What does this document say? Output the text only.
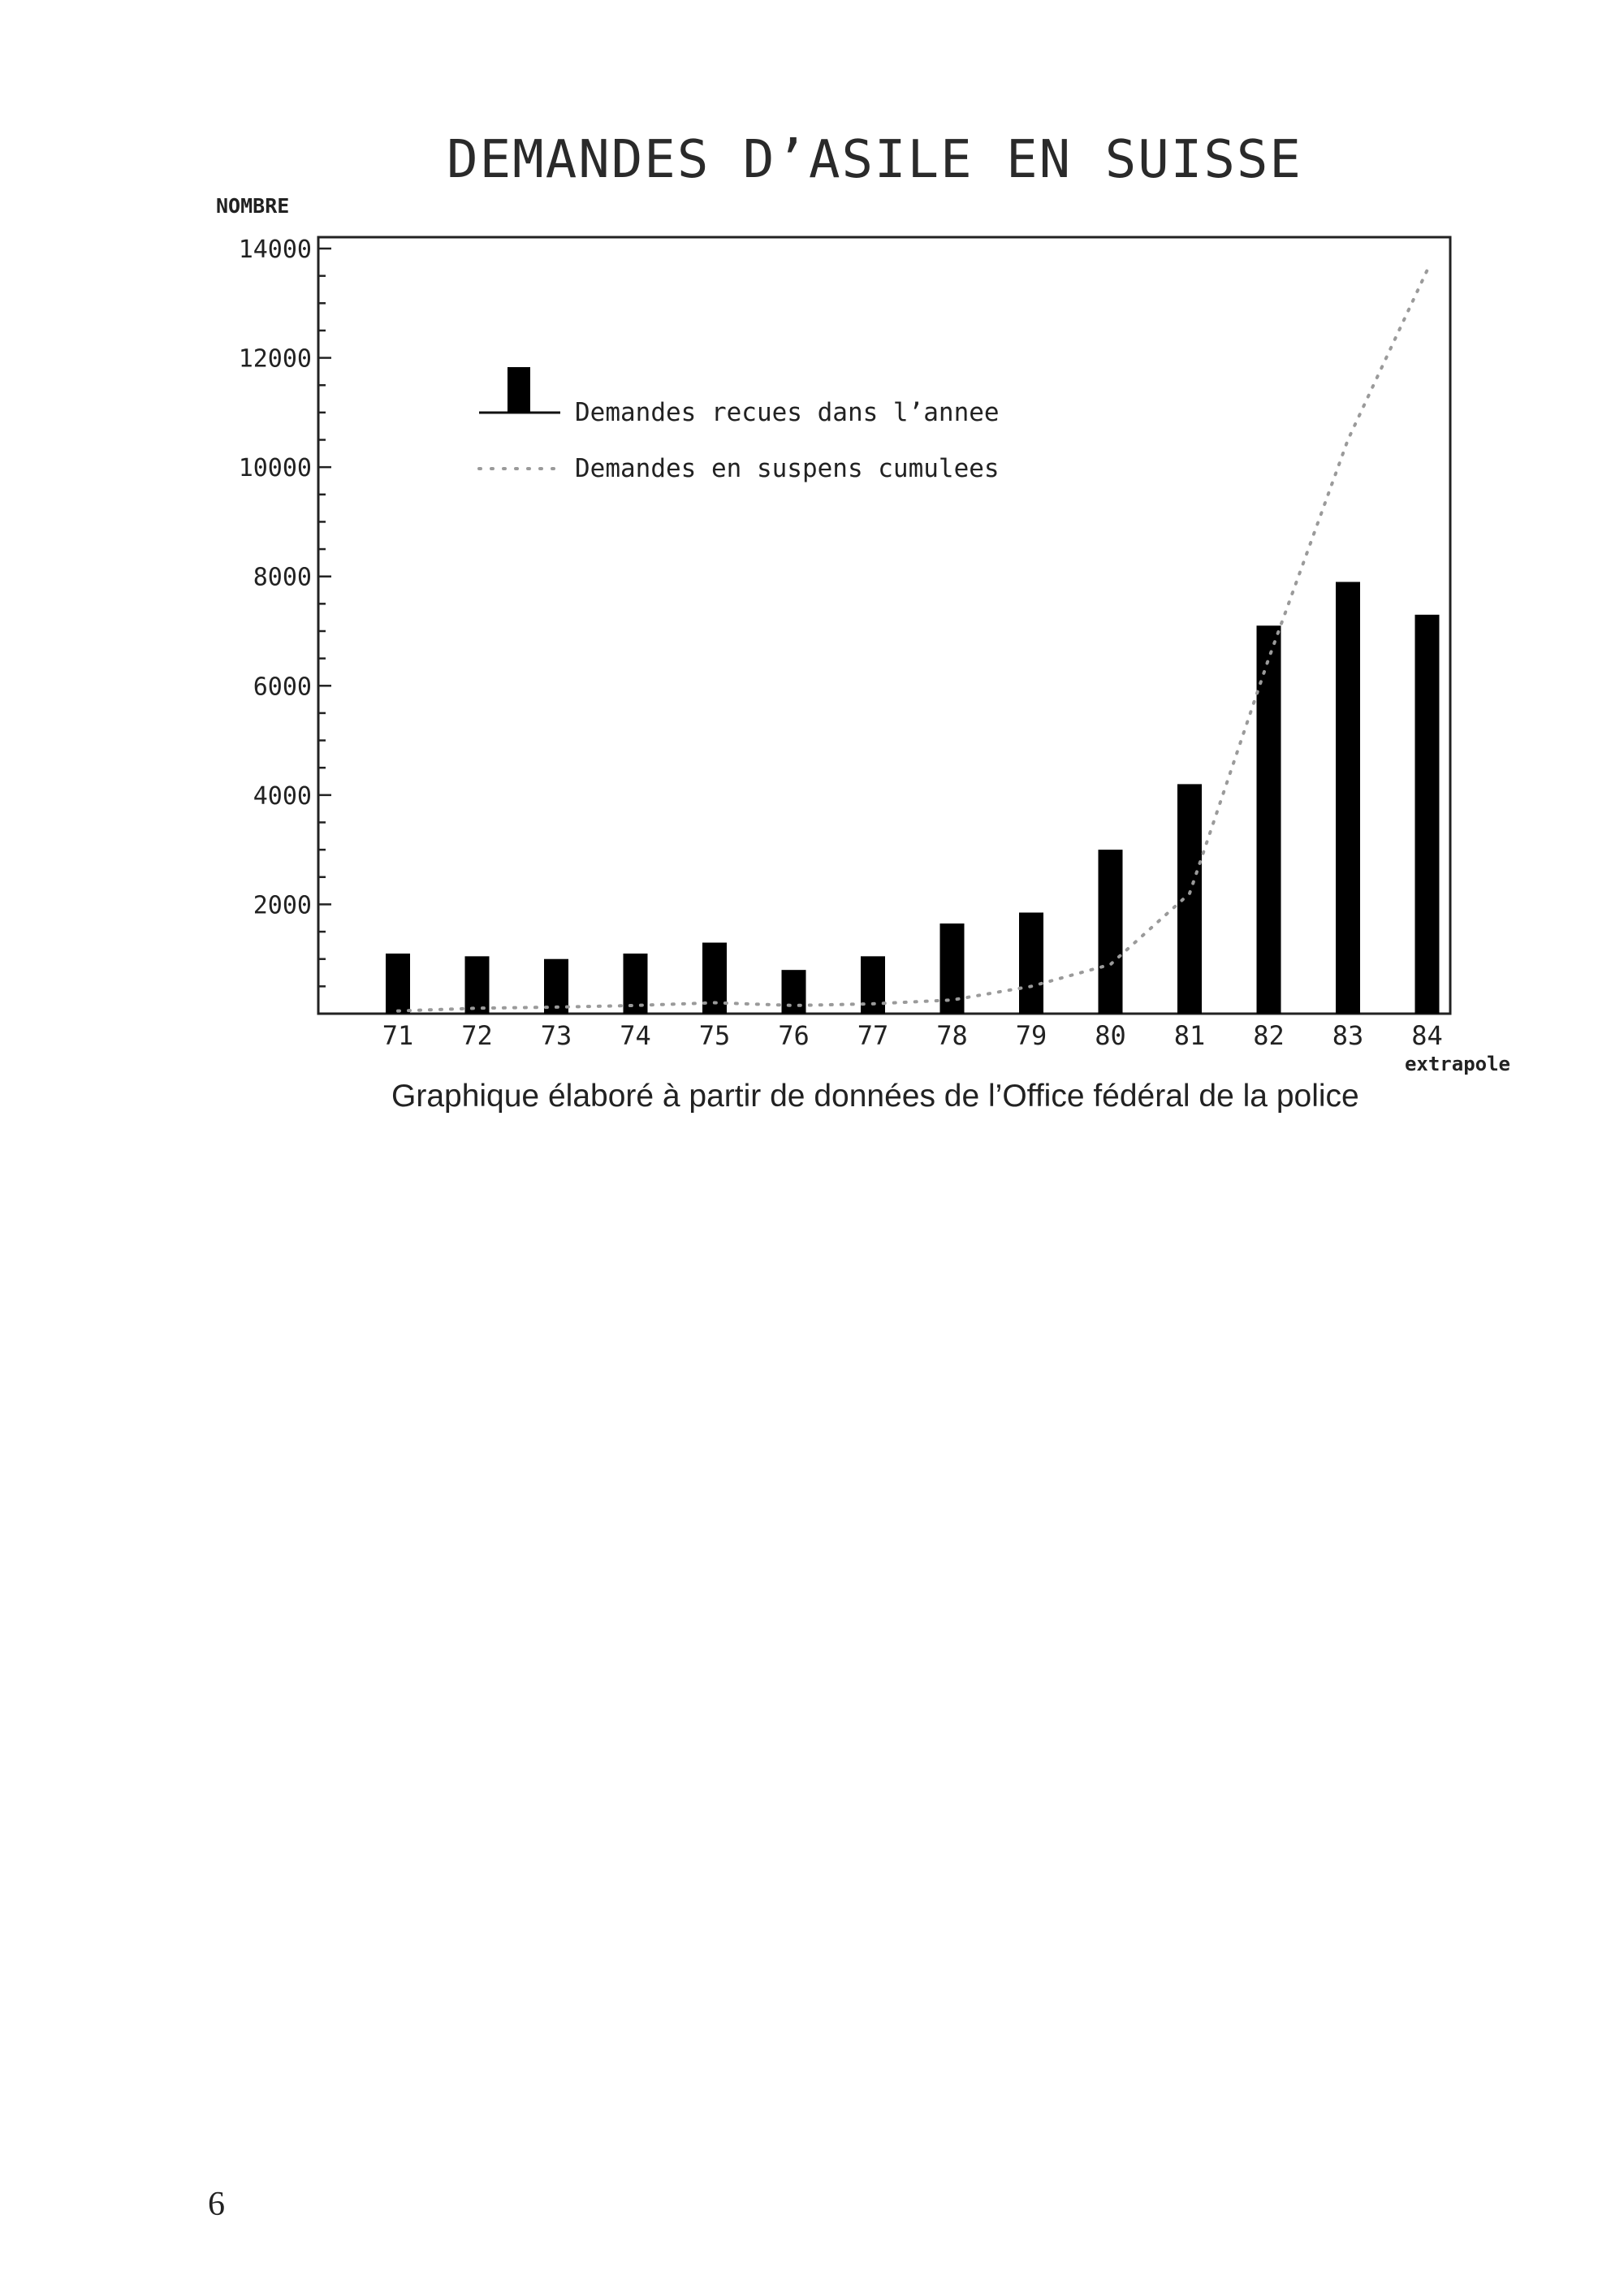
DEMANDES D’ASILE EN SUISSE
NOMBRE
2000
4000
6000
8000
10000
12000
14000
71 72 73 74 75 76 77 78 79 80 81 82 83 84
extrapole
Demandes recues dans l’annee
Demandes en suspens cumulees
Graphique élaboré à partir de données de l’Office fédéral de la police
6
